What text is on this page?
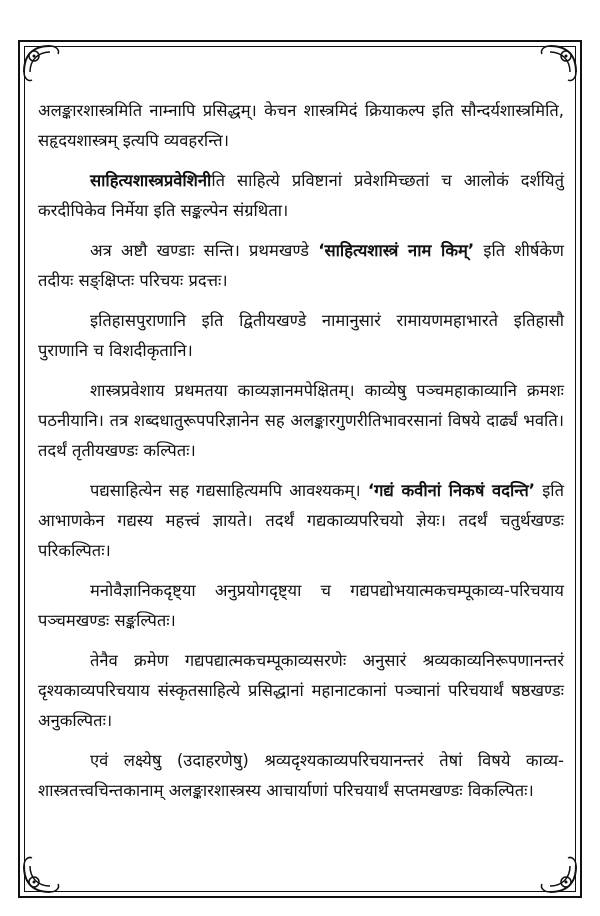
अलङ्कारशास्त्रमिति नाम्नापि प्रसिद्धम्। केचन शास्त्रमिदं क्रियाकल्प इति सौन्दर्यशास्त्रमिति, सहृदयशास्त्रम् इत्यपि व्यवहरन्ति।

साहित्यशास्त्रप्रवेशिनीति साहित्ये प्रविष्टानां प्रवेशमिच्छतां च आलोकं दर्शयितुं करदीपिकेव निर्मेया इति सङ्कल्पेन संग्रथिता।

अत्र अष्टौ खण्डाः सन्ति। प्रथमखण्डे ‘साहित्यशास्त्रं नाम किम्’ इति शीर्षकेण तदीयः सङ्क्षिप्तः परिचयः प्रदत्तः।

इतिहासपुराणानि इति द्वितीयखण्डे नामानुसारं रामायणमहाभारते इतिहासौ पुराणानि च विशदीकृतानि।

शास्त्रप्रवेशाय प्रथमतया काव्यज्ञानमपेक्षितम्। काव्येषु पञ्चमहाकाव्यानि क्रमशः पठनीयानि। तत्र शब्दधातुरूपपरिज्ञानेन सह अलङ्कारगुणरीतिभावरसानां विषये दार्ढ्यं भवति। तदर्थं तृतीयखण्डः कल्पितः।

पद्यसाहित्येन सह गद्यसाहित्यमपि आवश्यकम्। ‘गद्यं कवीनां निकषं वदन्ति’ इति आभाणकेन गद्यस्य महत्त्वं ज्ञायते। तदर्थं गद्यकाव्यपरिचयो ज्ञेयः। तदर्थं चतुर्थखण्डः परिकल्पितः।

मनोवैज्ञानिकदृष्ट्या अनुप्रयोगदृष्ट्या च गद्यपद्योभयात्मकचम्पूकाव्य-परिचयाय पञ्चमखण्डः सङ्कल्पितः।

तेनैव क्रमेण गद्यपद्यात्मकचम्पूकाव्यसरणेः अनुसारं श्रव्यकाव्यनिरूपणानन्तरं दृश्यकाव्यपरिचयाय संस्कृतसाहित्ये प्रसिद्धानां महानाटकानां पञ्चानां परिचयार्थं षष्ठखण्डः अनुकल्पितः।

एवं लक्ष्येषु (उदाहरणेषु) श्रव्यदृश्यकाव्यपरिचयानन्तरं तेषां विषये काव्य-शास्त्रतत्त्वचिन्तकानाम् अलङ्कारशास्त्रस्य आचार्याणां परिचयार्थं सप्तमखण्डः विकल्पितः।
